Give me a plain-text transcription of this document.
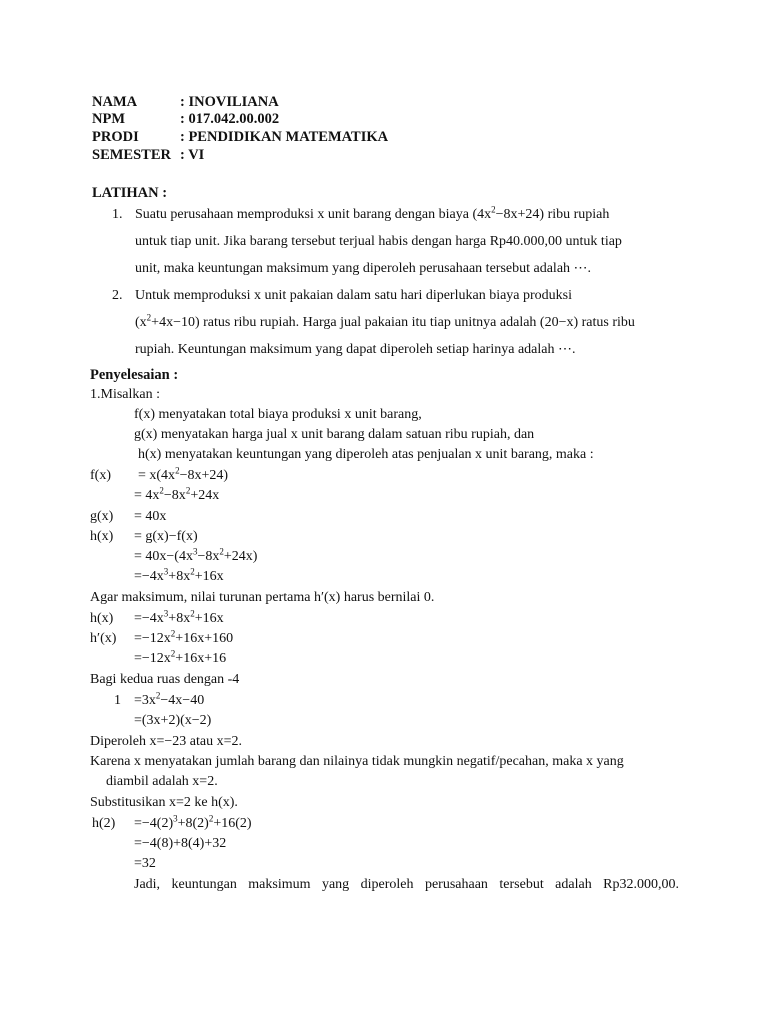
NAMA	: INOVILIANA
NPM	: 017.042.00.002
PRODI	: PENDIDIKAN MATEMATIKA
SEMESTER : VI
LATIHAN :
1. Suatu perusahaan memproduksi x unit barang dengan biaya $(4x^2-8x+24)$ ribu rupiah
untuk tiap unit. Jika barang tersebut terjual habis dengan harga Rp40.000,00 untuk tiap
unit, maka keuntungan maksimum yang diperoleh perusahaan tersebut adalah ⋯.
2. Untuk memproduksi x unit pakaian dalam satu hari diperlukan biaya produksi
$(x^2+4x-10)$ ratus ribu rupiah. Harga jual pakaian itu tiap unitnya adalah (20−x) ratus ribu
rupiah. Keuntungan maksimum yang dapat diperoleh setiap harinya adalah ⋯.
Penyelesaian :
1.Misalkan :
f(x) menyatakan total biaya produksi x unit barang,
g(x) menyatakan harga jual x unit barang dalam satuan ribu rupiah, dan
h(x) menyatakan keuntungan yang diperoleh atas penjualan x unit barang, maka :
$f(x) = x(4x^2-8x+24)$
= $4x^2-8x^2+24x$
g(x) = 40x
h(x) = g(x)−f(x)
= $40x-(4x^3-8x^2+24x)$
$=-4x^3+8x^2+16x$
Agar maksimum, nilai turunan pertama h′(x) harus bernilai 0.
$h(x) =-4x^3+8x^2+16x$
$h'(x) =-12x^2+16x+160$
$=-12x^2+16x+16$
Bagi kedua ruas dengan -4
$1 =3x^2-4x-40$
=(3x+2)(x−2)
Diperoleh x=−23 atau x=2.
Karena x menyatakan jumlah barang dan nilainya tidak mungkin negatif/pecahan, maka x yang
diambil adalah x=2.
Substitusikan x=2 ke h(x).
$h(2) =-4(2)^3+8(2)^2+16(2)$
=−4(8)+8(4)+32
=32
Jadi, keuntungan maksimum yang diperoleh perusahaan tersebut adalah Rp32.000,00.
